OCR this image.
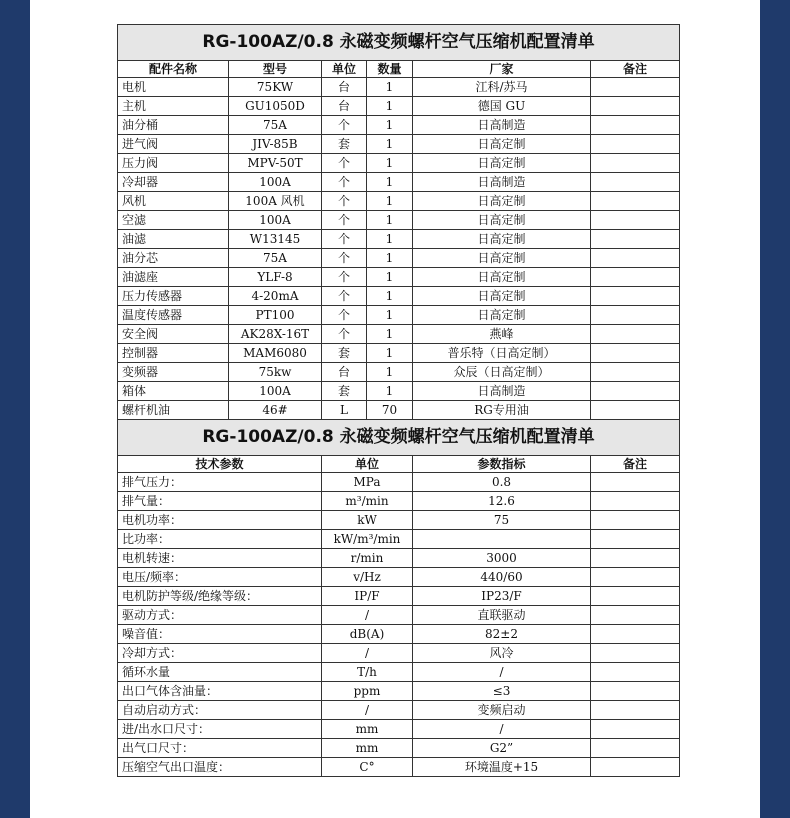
RG-100AZ/0.8 永磁变频螺杆空气压缩机配置清单					
配件名称	型号	单位	数量	厂家	备注
电机	75KW	台	1	江科/苏马	
主机	GU1050D	台	1	德国 GU	
油分桶	75A	个	1	日高制造	
进气阀	JIV-85B	套	1	日高定制	
压力阀	MPV-50T	个	1	日高定制	
冷却器	100A	个	1	日高制造	
风机	100A 风机	个	1	日高定制	
空滤	100A	个	1	日高定制	
油滤	W13145	个	1	日高定制	
油分芯	75A	个	1	日高定制	
油滤座	YLF-8	个	1	日高定制	
压力传感器	4-20mA	个	1	日高定制	
温度传感器	PT100	个	1	日高定制	
安全阀	AK28X-16T	个	1	燕峰	
控制器	MAM6080	套	1	普乐特（日高定制）	
变频器	75kw	台	1	众辰（日高定制）	
箱体	100A	套	1	日高制造	
螺杆机油	46#	L	70	RG专用油	
RG-100AZ/0.8 永磁变频螺杆空气压缩机配置清单			
技术参数	单位	参数指标	备注
排气压力：	MPa	0.8	
排气量：	m³/min	12.6	
电机功率：	kW	75	
比功率：	kW/m³/min		
电机转速：	r/min	3000	
电压/频率：	v/Hz	440/60	
电机防护等级/绝缘等级：	IP/F	IP23/F	
驱动方式：	/	直联驱动	
噪音值：	dB(A)	82±2	
冷却方式：	/	风冷	
循环水量	T/h	/	
出口气体含油量：	ppm	≤3	
自动启动方式：	/	变频启动	
进/出水口尺寸：	mm	/	
出气口尺寸：	mm	G2”	
压缩空气出口温度：	C°	环境温度+15	
